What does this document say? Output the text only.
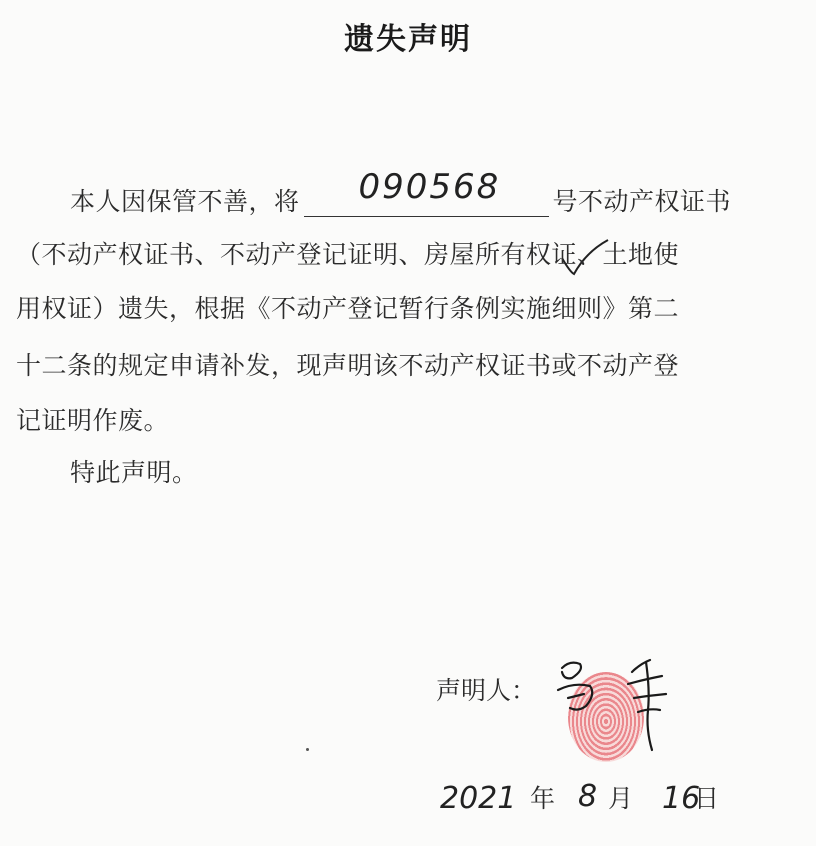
遗失声明
本人因保管不善，将 090568 号不动产权证书
（不动产权证书、不动产登记证明、房屋所有权证、土地使
用权证）遗失，根据《不动产登记暂行条例实施细则》第二
十二条的规定申请补发，现声明该不动产权证书或不动产登
记证明作废。
特此声明。
声明人：
2021 年 8 月 16
日
